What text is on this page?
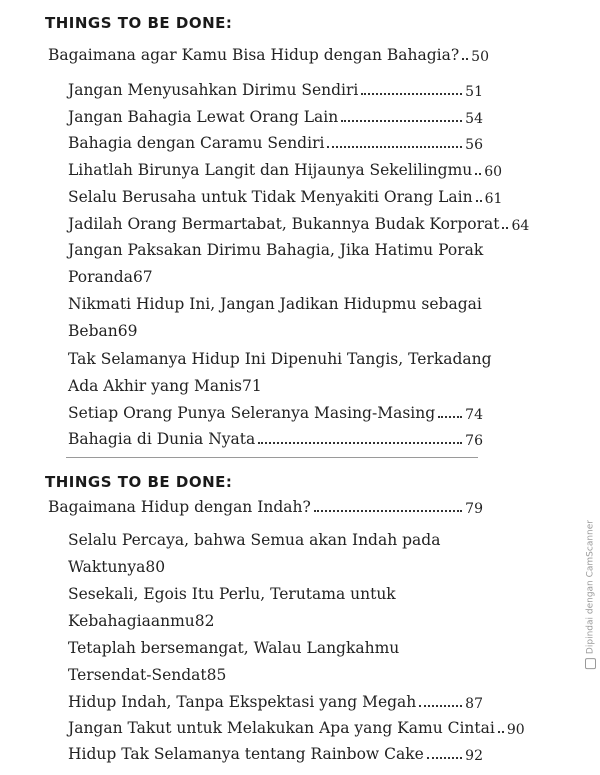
THINGS TO BE DONE:
Bagaimana agar Kamu Bisa Hidup dengan Bahagia? 50
Jangan Menyusahkan Dirimu Sendiri	51
Jangan Bahagia Lewat Orang Lain	54
Bahagia dengan Caramu Sendiri	56
Lihatlah Birunya Langit dan Hijaunya Sekelilingmu 60
Selalu Berusaha untuk Tidak Menyakiti Orang Lain 61
Jadilah Orang Bermartabat, Bukannya Budak Korporat 64
Jangan Paksakan Dirimu Bahagia, Jika Hatimu Porak
Poranda 67
Nikmati Hidup Ini, Jangan Jadikan Hidupmu sebagai
Beban 69
Tak Selamanya Hidup Ini Dipenuhi Tangis, Terkadang
Ada Akhir yang Manis 71
Setiap Orang Punya Seleranya Masing-Masing 74
Bahagia di Dunia Nyata	76
THINGS TO BE DONE:
Bagaimana Hidup dengan Indah?	79
Selalu Percaya, bahwa Semua akan Indah pada
Waktunya 80
Sesekali, Egois Itu Perlu, Terutama untuk
Kebahagiaanmu 82
Tetaplah bersemangat, Walau Langkahmu
Tersendat-Sendat 85
Hidup Indah, Tanpa Ekspektasi yang Megah	87
Jangan Takut untuk Melakukan Apa yang Kamu Cintai 90
Hidup Tak Selamanya tentang Rainbow Cake	92
Dipindai dengan CamScanner
